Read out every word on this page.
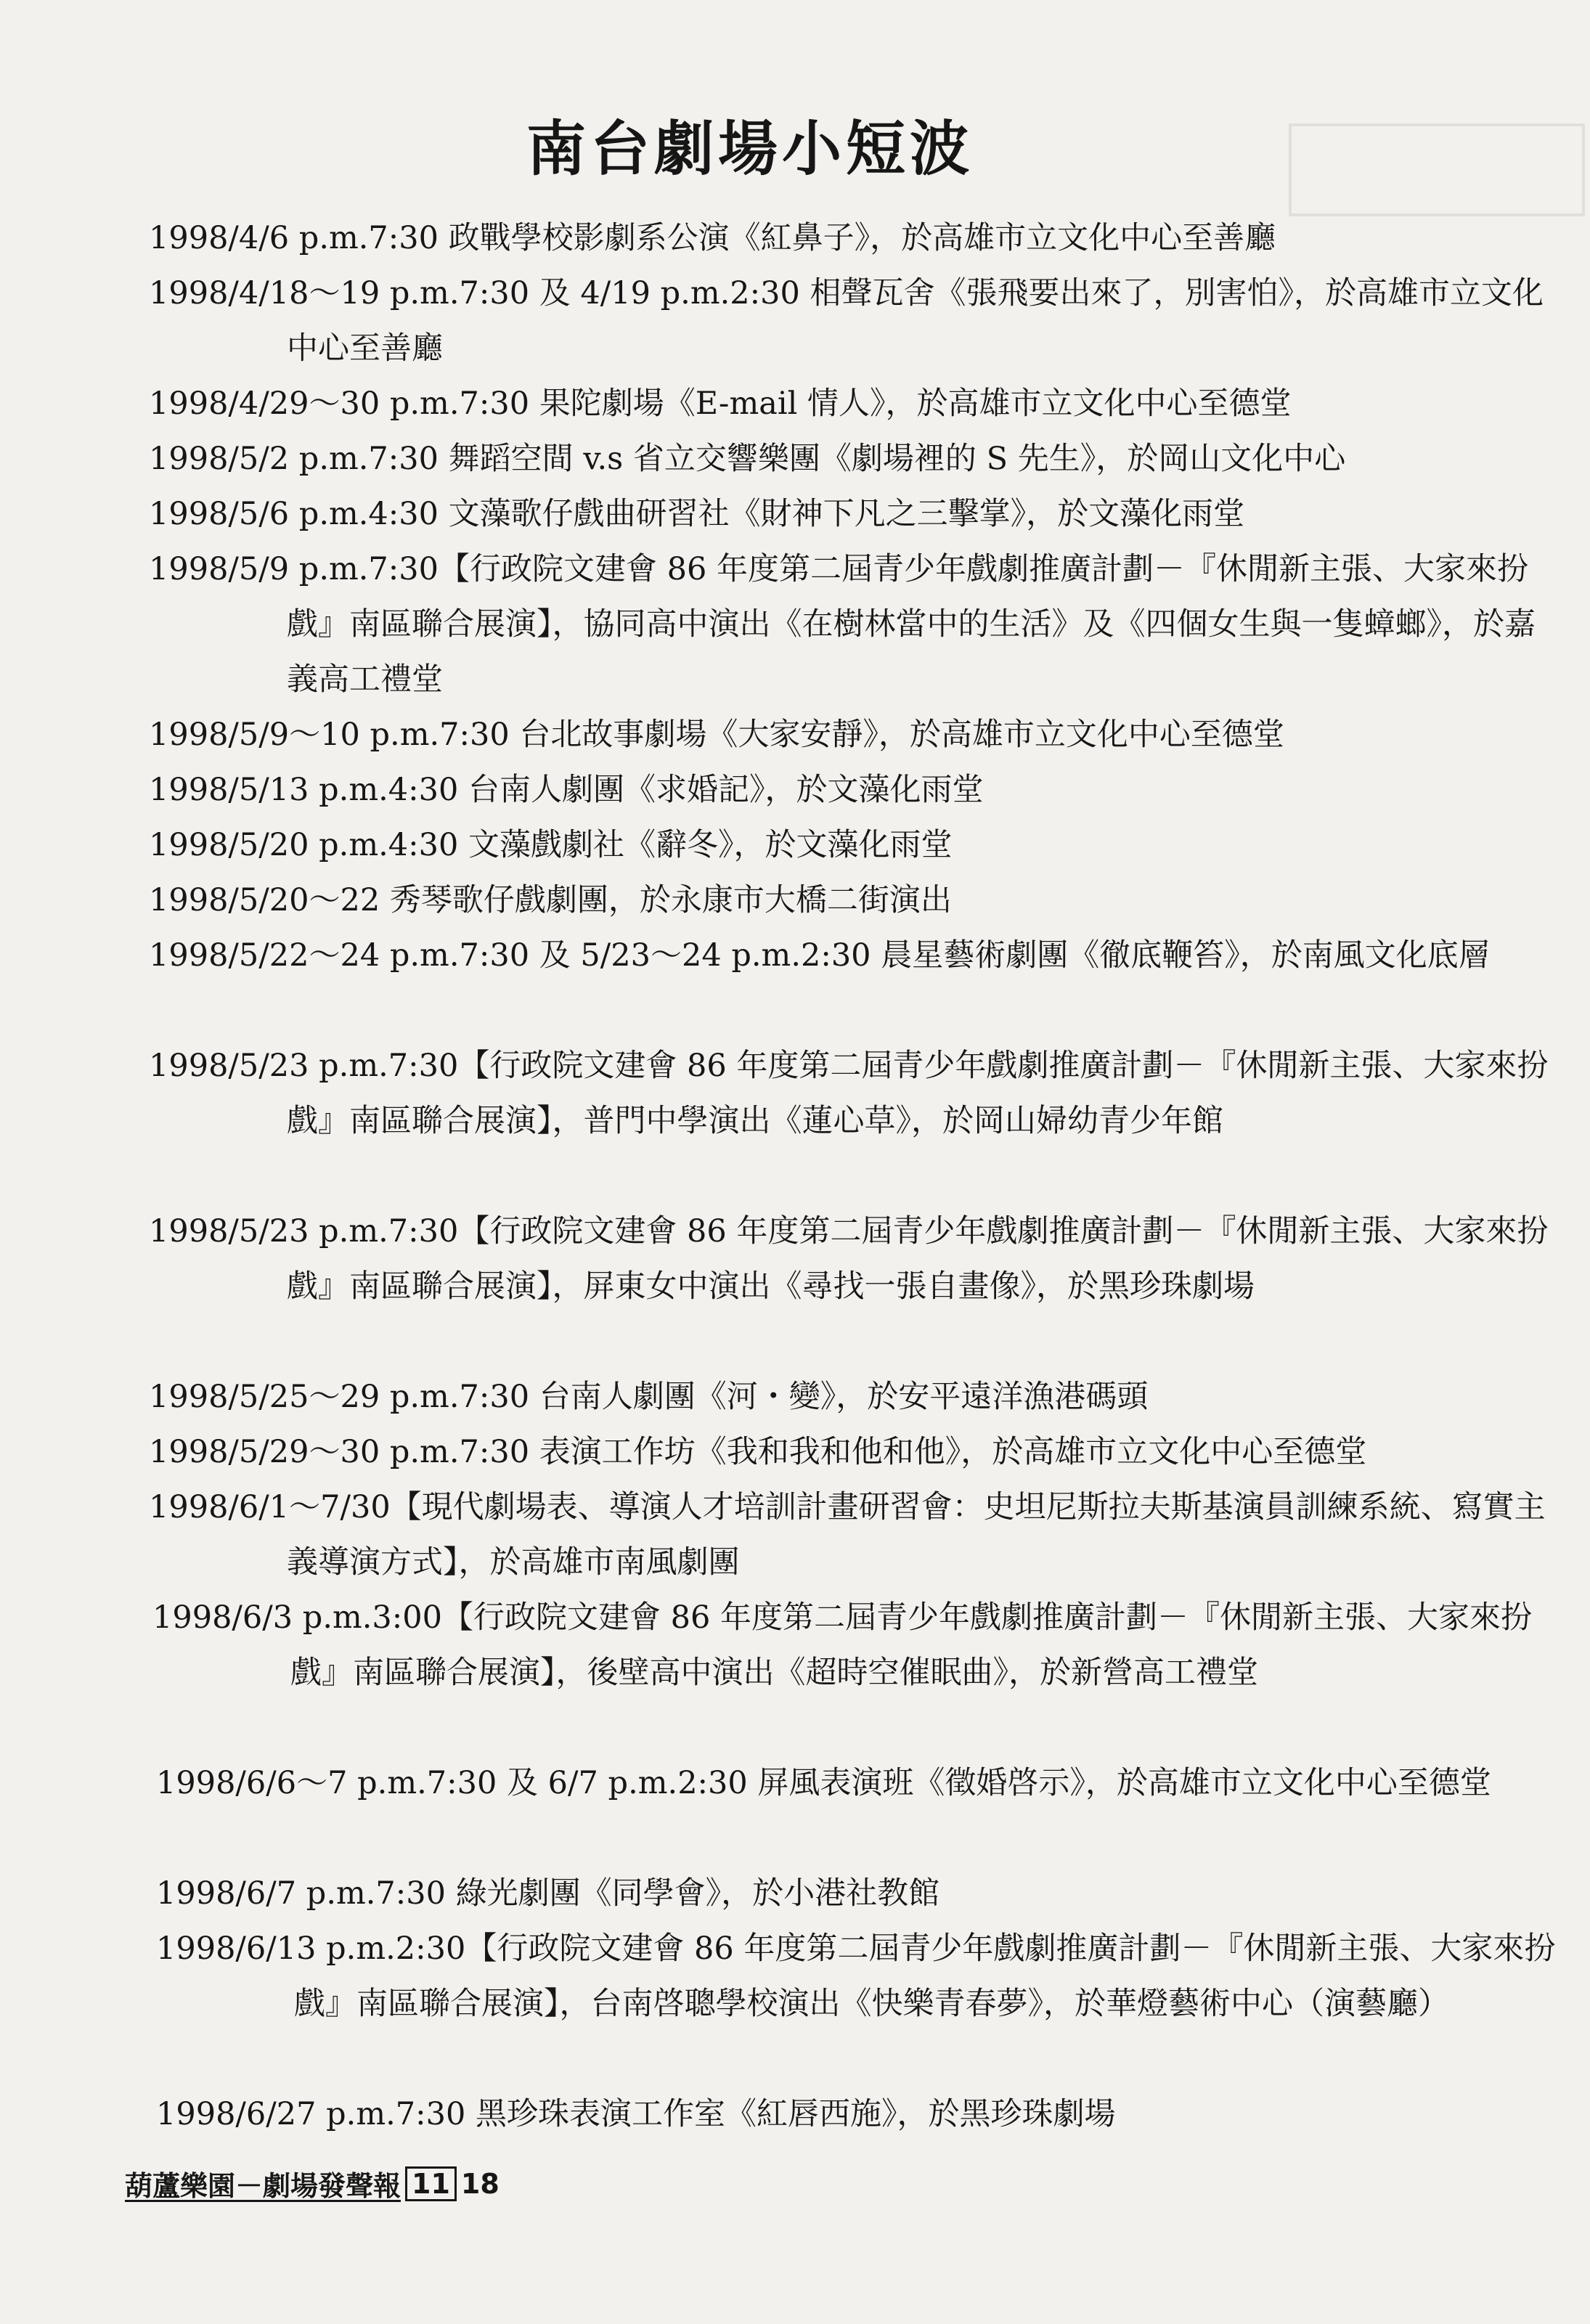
南台劇場小短波

1998/4/6 p.m.7:30 政戰學校影劇系公演《紅鼻子》，於高雄市立文化中心至善廳

1998/4/18～19 p.m.7:30 及 4/19 p.m.2:30 相聲瓦舍《張飛要出來了，別害怕》，於高雄市立文化中心至善廳

1998/4/29～30 p.m.7:30 果陀劇場《E-mail 情人》，於高雄市立文化中心至德堂

1998/5/2 p.m.7:30 舞蹈空間 v.s 省立交響樂團《劇場裡的 S 先生》，於岡山文化中心

1998/5/6 p.m.4:30 文藻歌仔戲曲研習社《財神下凡之三擊掌》，於文藻化雨堂

1998/5/9 p.m.7:30【行政院文建會 86 年度第二屆青少年戲劇推廣計劃－『休閒新主張、大家來扮戲』南區聯合展演】，協同高中演出《在樹林當中的生活》及《四個女生與一隻蟑螂》，於嘉義高工禮堂

1998/5/9～10 p.m.7:30 台北故事劇場《大家安靜》，於高雄市立文化中心至德堂

1998/5/13 p.m.4:30 台南人劇團《求婚記》，於文藻化雨堂

1998/5/20 p.m.4:30 文藻戲劇社《辭冬》，於文藻化雨堂

1998/5/20～22 秀琴歌仔戲劇團，於永康市大橋二街演出

1998/5/22～24 p.m.7:30 及 5/23～24 p.m.2:30 晨星藝術劇團《徹底鞭笞》，於南風文化底層

1998/5/23 p.m.7:30【行政院文建會 86 年度第二屆青少年戲劇推廣計劃－『休閒新主張、大家來扮戲』南區聯合展演】，普門中學演出《蓮心草》，於岡山婦幼青少年館

1998/5/23 p.m.7:30【行政院文建會 86 年度第二屆青少年戲劇推廣計劃－『休閒新主張、大家來扮戲』南區聯合展演】，屏東女中演出《尋找一張自畫像》，於黑珍珠劇場

1998/5/25～29 p.m.7:30 台南人劇團《河・變》，於安平遠洋漁港碼頭

1998/5/29～30 p.m.7:30 表演工作坊《我和我和他和他》，於高雄市立文化中心至德堂

1998/6/1～7/30【現代劇場表、導演人才培訓計畫研習會：史坦尼斯拉夫斯基演員訓練系統、寫實主義導演方式】，於高雄市南風劇團

1998/6/3 p.m.3:00【行政院文建會 86 年度第二屆青少年戲劇推廣計劃－『休閒新主張、大家來扮戲』南區聯合展演】，後壁高中演出《超時空催眠曲》，於新營高工禮堂

1998/6/6～7 p.m.7:30 及 6/7 p.m.2:30 屏風表演班《徵婚啓示》，於高雄市立文化中心至德堂

1998/6/7 p.m.7:30 綠光劇團《同學會》，於小港社教館

1998/6/13 p.m.2:30【行政院文建會 86 年度第二屆青少年戲劇推廣計劃－『休閒新主張、大家來扮戲』南區聯合展演】，台南啓聰學校演出《快樂青春夢》，於華燈藝術中心（演藝廳）

1998/6/27 p.m.7:30 黑珍珠表演工作室《紅唇西施》，於黑珍珠劇場

葫蘆樂園－劇場發聲報 11 18
